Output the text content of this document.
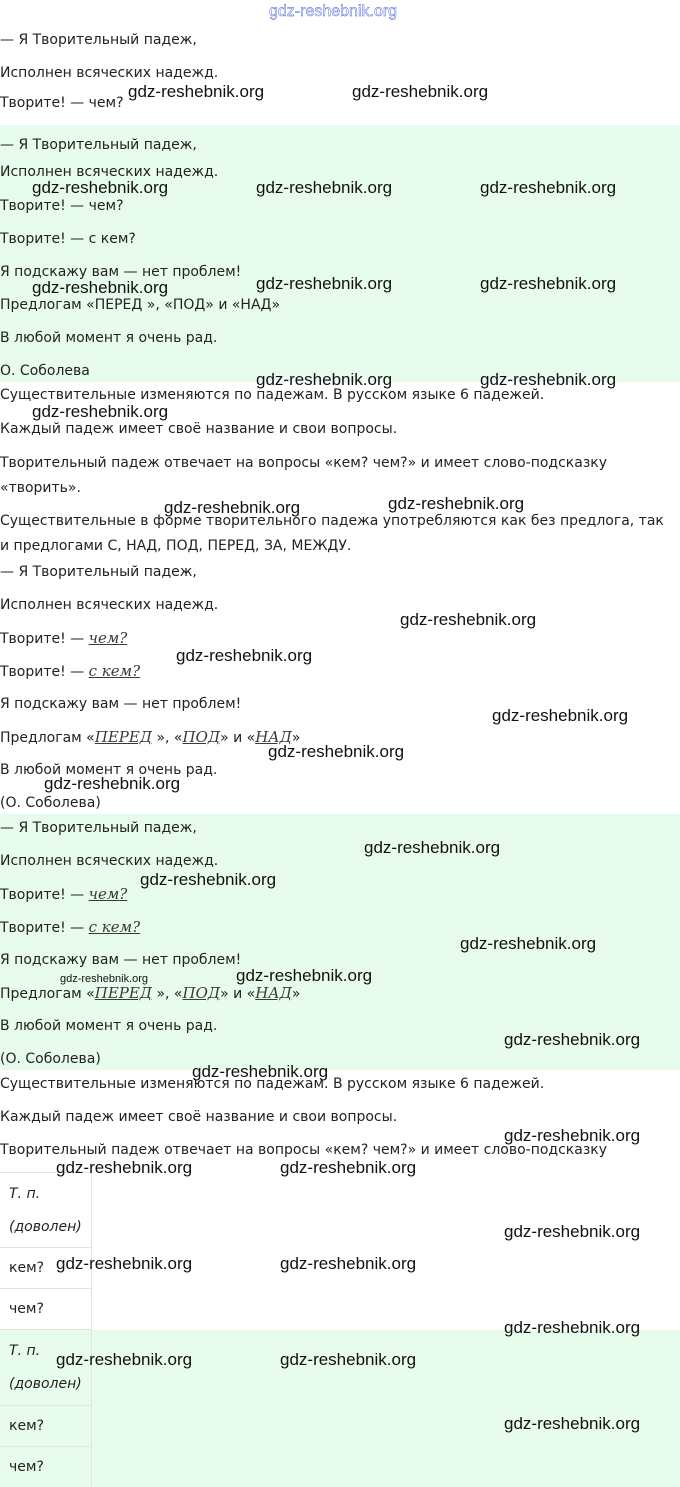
— Я Творительный падеж,
Исполнен всяческих надежд.
Творите! — чем?
— Я Творительный падеж,
Исполнен всяческих надежд.
Творите! — чем?
Творите! — с кем?
Я подскажу вам — нет проблем!
Предлогам «ПЕРЕД », «ПОД» и «НАД»
В любой момент я очень рад.
О. Соболева
Существительные изменяются по падежам. В русском языке 6 падежей.
Каждый падеж имеет своё название и свои вопросы.
Творительный падеж отвечает на вопросы «кем? чем?» и имеет слово-подсказку
«творить».
Существительные в форме творительного падежа употребляются как без предлога, так
и предлогами С, НАД, ПОД, ПЕРЕД, ЗА, МЕЖДУ.
— Я Творительный падеж,
Исполнен всяческих надежд.
Творите! — чем?
Творите! — с кем?
Я подскажу вам — нет проблем!
Предлогам «ПЕРЕД », «ПОД» и «НАД»
В любой момент я очень рад.
(О. Соболева)
— Я Творительный падеж,
Исполнен всяческих надежд.
Творите! — чем?
Творите! — с кем?
Я подскажу вам — нет проблем!
Предлогам «ПЕРЕД », «ПОД» и «НАД»
В любой момент я очень рад.
(О. Соболева)
Существительные изменяются по падежам. В русском языке 6 падежей.
Каждый падеж имеет своё название и свои вопросы.
Творительный падеж отвечает на вопросы «кем? чем?» и имеет слово-подсказку
Т. п.
(доволен)
кем?
чем?
Т. п.
(доволен)
кем?
чем?
gdz-reshebnik.org
gdz-reshebnik.org	gdz-reshebnik.org
gdz-reshebnik.org	gdz-reshebnik.org	gdz-reshebnik.org
gdz-reshebnik.org	gdz-reshebnik.org	gdz-reshebnik.org
gdz-reshebnik.org	gdz-reshebnik.org
gdz-reshebnik.org
gdz-reshebnik.org	gdz-reshebnik.org
gdz-reshebnik.org
gdz-reshebnik.org
gdz-reshebnik.org
gdz-reshebnik.org
gdz-reshebnik.org
gdz-reshebnik.org
gdz-reshebnik.org
gdz-reshebnik.org
gdz-reshebnik.org	gdz-reshebnik.org
gdz-reshebnik.org
gdz-reshebnik.org
gdz-reshebnik.org
gdz-reshebnik.org	gdz-reshebnik.org
gdz-reshebnik.org
gdz-reshebnik.org	gdz-reshebnik.org
gdz-reshebnik.org
gdz-reshebnik.org	gdz-reshebnik.org
gdz-reshebnik.org
